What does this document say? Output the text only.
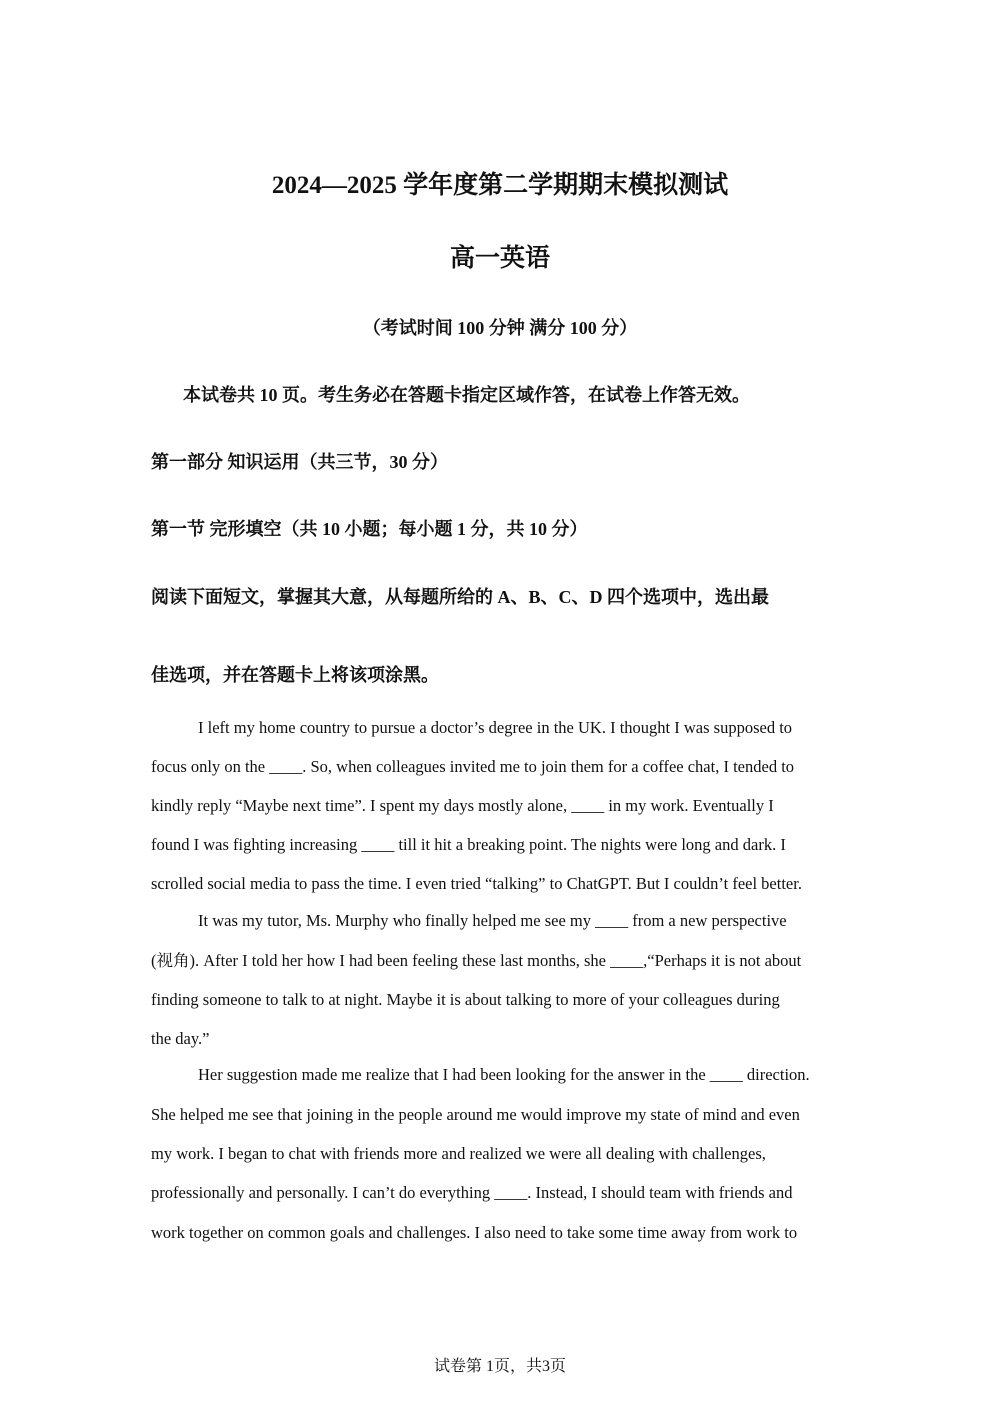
2024—2025 学年度第二学期期末模拟测试
高一英语
（考试时间 100 分钟 满分 100 分）
本试卷共 10 页。考生务必在答题卡指定区域作答，在试卷上作答无效。
第一部分 知识运用（共三节，30 分）
第一节 完形填空（共 10 小题；每小题 1 分，共 10 分）
阅读下面短文，掌握其大意，从每题所给的 A、B、C、D 四个选项中，选出最
佳选项，并在答题卡上将该项涂黑。
I left my home country to pursue a doctor’s degree in the UK. I thought I was supposed to
focus only on the ____. So, when colleagues invited me to join them for a coffee chat, I tended to
kindly reply “Maybe next time”. I spent my days mostly alone, ____ in my work. Eventually I
found I was fighting increasing ____ till it hit a breaking point. The nights were long and dark. I
scrolled social media to pass the time. I even tried “talking” to ChatGPT. But I couldn’t feel better.
It was my tutor, Ms. Murphy who finally helped me see my ____ from a new perspective
(视角). After I told her how I had been feeling these last months, she ____,“Perhaps it is not about
finding someone to talk to at night. Maybe it is about talking to more of your colleagues during
the day.”
Her suggestion made me realize that I had been looking for the answer in the ____ direction.
She helped me see that joining in the people around me would improve my state of mind and even
my work. I began to chat with friends more and realized we were all dealing with challenges,
professionally and personally. I can’t do everything ____. Instead, I should team with friends and
work together on common goals and challenges. I also need to take some time away from work to
试卷第 1页，共3页
